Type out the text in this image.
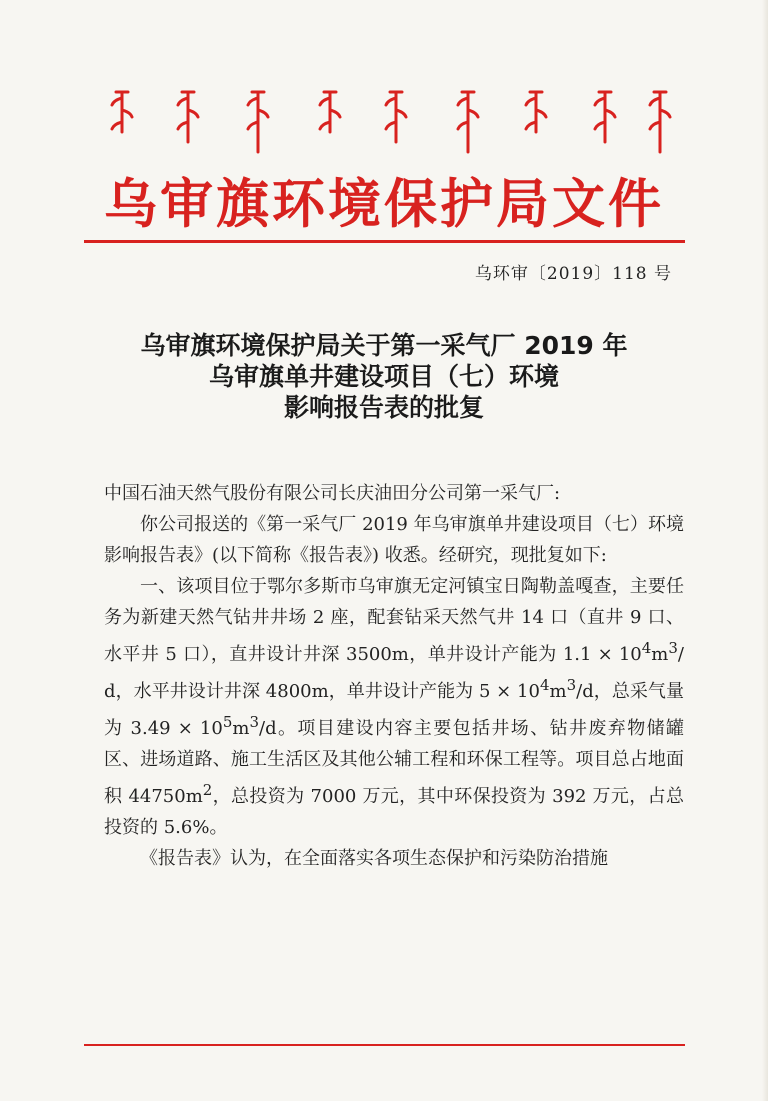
乌审旗环境保护局文件
乌环审〔2019〕118 号
乌审旗环境保护局关于第一采气厂 2019 年
乌审旗单井建设项目（七）环境
影响报告表的批复
中国石油天然气股份有限公司长庆油田分公司第一采气厂:

你公司报送的《第一采气厂 2019 年乌审旗单井建设项目（七）环境影响报告表》(以下简称《报告表》) 收悉。经研究，现批复如下:

一、该项目位于鄂尔多斯市乌审旗无定河镇宝日陶勒盖嘎查，主要任务为新建天然气钻井井场 2 座，配套钻采天然气井 14 口（直井 9 口、水平井 5 口），直井设计井深 3500m，单井设计产能为 $1.1 \times 10^4m^3/d$，水平井设计井深 4800m，单井设计产能为 $5 \times 10^4m^3/d$，总采气量为 $3.49 \times 10^5m^3/d$。项目建设内容主要包括井场、钻井废弃物储罐区、进场道路、施工生活区及其他公辅工程和环保工程等。项目总占地面积 $44750m^2$，总投资为 7000 万元，其中环保投资为 392 万元，占总投资的 5.6%。

《报告表》认为，在全面落实各项生态保护和污染防治措施
